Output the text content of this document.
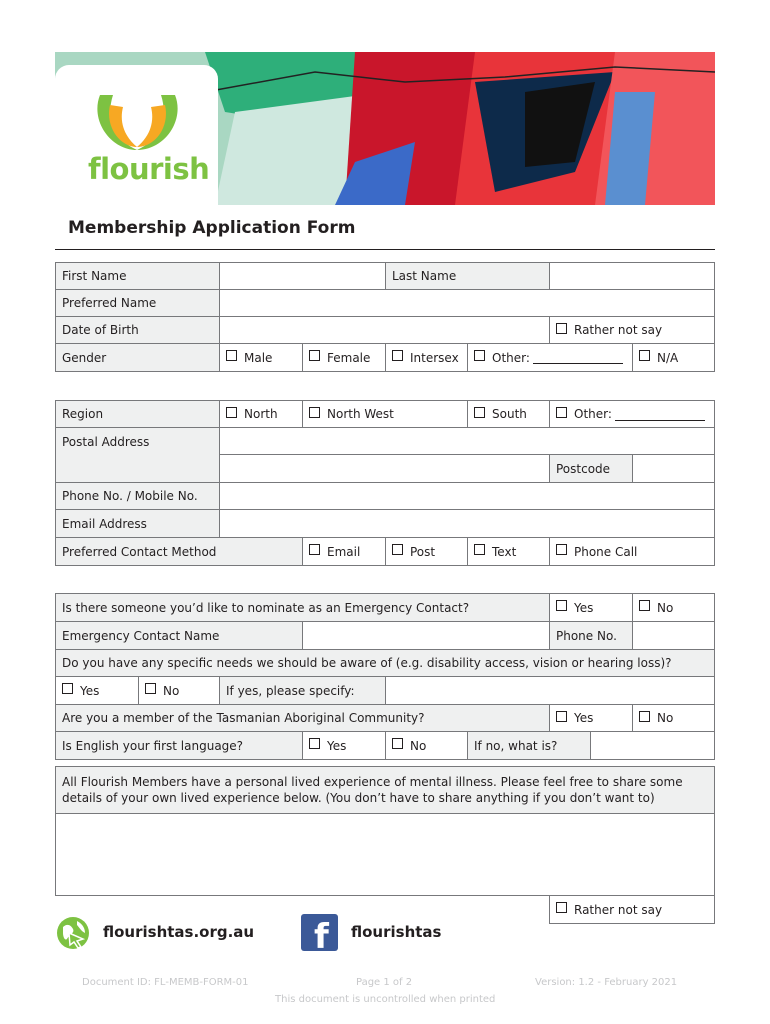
flourish
Membership Application Form
First Name	Last Name
Preferred Name
Date of Birth	Rather not say
Gender	Male	Female	Intersex	Other:	N/A
Region	North	North West	South	Other:
Postal Address
Postcode
Phone No. / Mobile No.
Email Address
Preferred Contact Method	Email	Post	Text	Phone Call
Is there someone you’d like to nominate as an Emergency Contact?	Yes	No
Emergency Contact Name	Phone No.
Do you have any specific needs we should be aware of (e.g. disability access, vision or hearing loss)?
Yes	No	If yes, please specify:
Are you a member of the Tasmanian Aboriginal Community?	Yes	No
Is English your first language?	Yes	No	If no, what is?
All Flourish Members have a personal lived experience of mental illness. Please feel free to share some details of your own lived experience below. (You don’t have to share anything if you don’t want to)
Rather not say
flourishtas.org.au f flourishtas
Document ID: FL-MEMB-FORM-01	Page 1 of 2	Version: 1.2 - February 2021
This document is uncontrolled when printed
